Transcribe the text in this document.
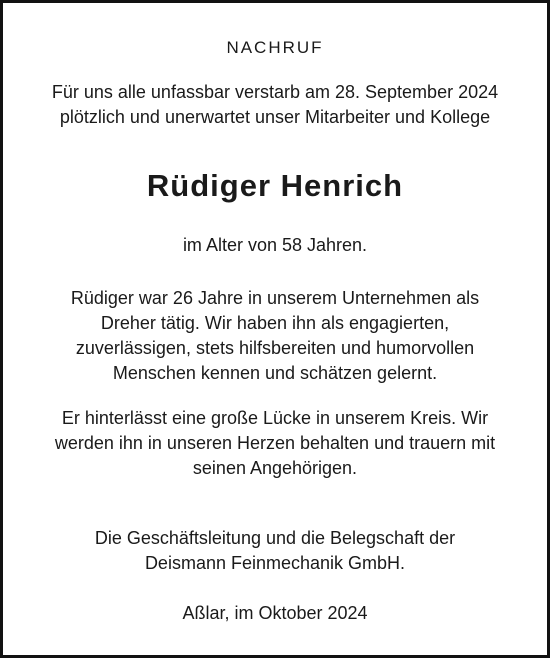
NACHRUF
Für uns alle unfassbar verstarb am 28. September 2024
plötzlich und unerwartet unser Mitarbeiter und Kollege
Rüdiger Henrich
im Alter von 58 Jahren.
Rüdiger war 26 Jahre in unserem Unternehmen als
Dreher tätig. Wir haben ihn als engagierten,
zuverlässigen, stets hilfsbereiten und humorvollen
Menschen kennen und schätzen gelernt.
Er hinterlässt eine große Lücke in unserem Kreis. Wir
werden ihn in unseren Herzen behalten und trauern mit
seinen Angehörigen.
Die Geschäftsleitung und die Belegschaft der
Deismann Feinmechanik GmbH.
Aßlar, im Oktober 2024
